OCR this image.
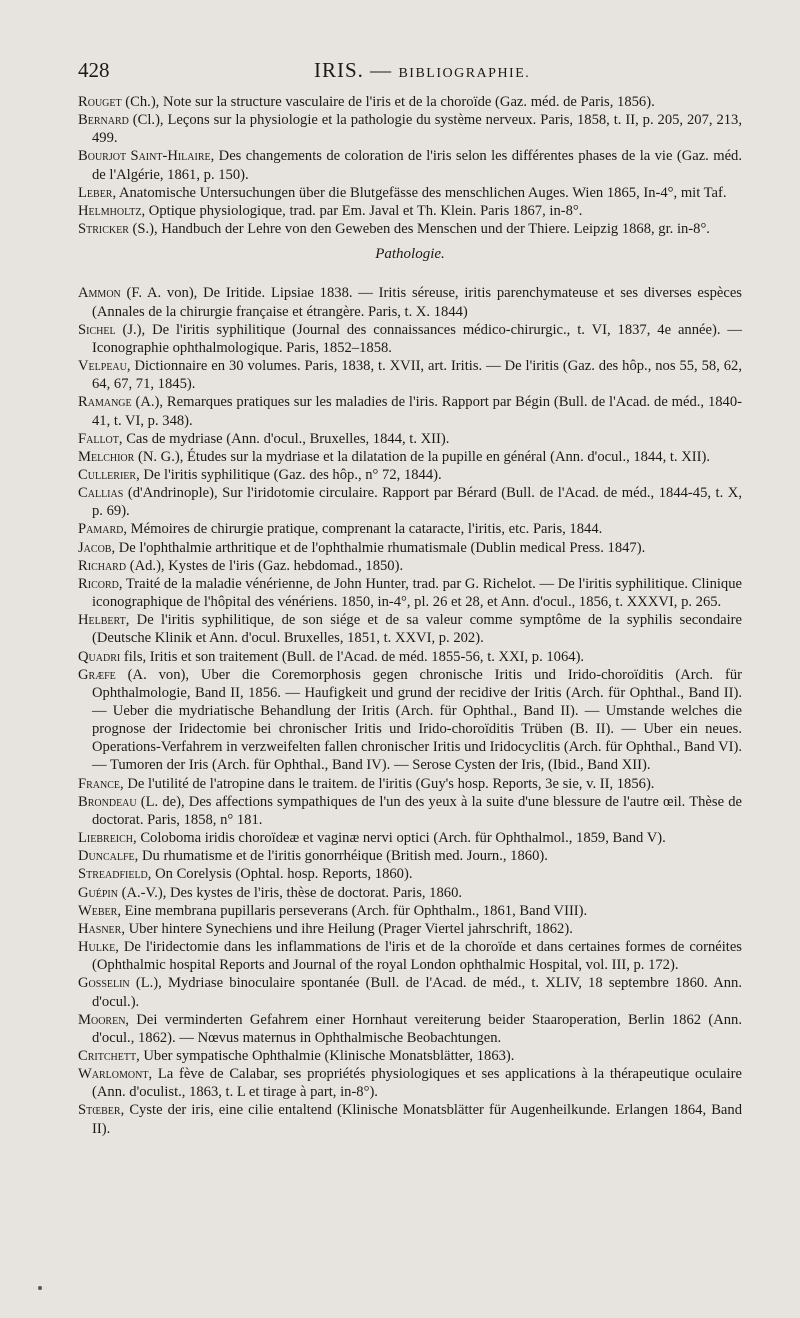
428	IRIS. — BIBLIOGRAPHIE.

Rouget (Ch.), Note sur la structure vasculaire de l'iris et de la choroïde (Gaz. méd. de Paris, 1856).

Bernard (Cl.), Leçons sur la physiologie et la pathologie du système nerveux. Paris, 1858, t. II, p. 205, 207, 213, 499.

Bourjot Saint-Hilaire, Des changements de coloration de l'iris selon les différentes phases de la vie (Gaz. méd. de l'Algérie, 1861, p. 150).

Leber, Anatomische Untersuchungen über die Blutgefässe des menschlichen Auges. Wien 1865, In-4°, mit Taf.

Helmholtz, Optique physiologique, trad. par Em. Javal et Th. Klein. Paris 1867, in-8°.

Stricker (S.), Handbuch der Lehre von den Geweben des Menschen und der Thiere. Leipzig 1868, gr. in-8°.

Pathologie.

Ammon (F. A. von), De Iritide. Lipsiae 1838. — Iritis séreuse, iritis parenchymateuse et ses diverses espèces (Annales de la chirurgie française et étrangère. Paris, t. X. 1844)

Sichel (J.), De l'iritis syphilitique (Journal des connaissances médico-chirurgic., t. VI, 1837, 4e année). — Iconographie ophthalmologique. Paris, 1852–1858.

Velpeau, Dictionnaire en 30 volumes. Paris, 1838, t. XVII, art. Iritis. — De l'iritis (Gaz. des hôp., nos 55, 58, 62, 64, 67, 71, 1845).

Ramange (A.), Remarques pratiques sur les maladies de l'iris. Rapport par Bégin (Bull. de l'Acad. de méd., 1840-41, t. VI, p. 348).

Fallot, Cas de mydriase (Ann. d'ocul., Bruxelles, 1844, t. XII).

Melchior (N. G.), Études sur la mydriase et la dilatation de la pupille en général (Ann. d'ocul., 1844, t. XII).

Cullerier, De l'iritis syphilitique (Gaz. des hôp., n° 72, 1844).

Callias (d'Andrinople), Sur l'iridotomie circulaire. Rapport par Bérard (Bull. de l'Acad. de méd., 1844-45, t. X, p. 69).

Pamard, Mémoires de chirurgie pratique, comprenant la cataracte, l'iritis, etc. Paris, 1844.

Jacob, De l'ophthalmie arthritique et de l'ophthalmie rhumatismale (Dublin medical Press. 1847).

Richard (Ad.), Kystes de l'iris (Gaz. hebdomad., 1850).

Ricord, Traité de la maladie vénérienne, de John Hunter, trad. par G. Richelot. — De l'iritis syphilitique. Clinique iconographique de l'hôpital des vénériens. 1850, in-4°, pl. 26 et 28, et Ann. d'ocul., 1856, t. XXXVI, p. 265.

Helbert, De l'iritis syphilitique, de son siége et de sa valeur comme symptôme de la syphilis secondaire (Deutsche Klinik et Ann. d'ocul. Bruxelles, 1851, t. XXVI, p. 202).

Quadri fils, Iritis et son traitement (Bull. de l'Acad. de méd. 1855-56, t. XXI, p. 1064).

Græfe (A. von), Uber die Coremorphosis gegen chronische Iritis und Irido-choroïditis (Arch. für Ophthalmologie, Band II, 1856. — Haufigkeit und grund der recidive der Iritis (Arch. für Ophthal., Band II). — Ueber die mydriatische Behandlung der Iritis (Arch. für Ophthal., Band II). — Umstande welches die prognose der Iridectomie bei chronischer Iritis und Irido-choroïditis Trüben (B. II). — Uber ein neues. Operations-Verfahrem in verzweifelten fallen chronischer Iritis und Iridocyclitis (Arch. für Ophthal., Band VI). — Tumoren der Iris (Arch. für Ophthal., Band IV). — Serose Cysten der Iris, (Ibid., Band XII).

France, De l'utilité de l'atropine dans le traitem. de l'iritis (Guy's hosp. Reports, 3e sie, v. II, 1856).

Brondeau (L. de), Des affections sympathiques de l'un des yeux à la suite d'une blessure de l'autre œil. Thèse de doctorat. Paris, 1858, n° 181.

Liebreich, Coloboma iridis choroïdeæ et vaginæ nervi optici (Arch. für Ophthalmol., 1859, Band V).

Duncalfe, Du rhumatisme et de l'iritis gonorrhéique (British med. Journ., 1860).

Streadfield, On Corelysis (Ophtal. hosp. Reports, 1860).

Guépin (A.-V.), Des kystes de l'iris, thèse de doctorat. Paris, 1860.

Weber, Eine membrana pupillaris perseverans (Arch. für Ophthalm., 1861, Band VIII).

Hasner, Uber hintere Synechiens und ihre Heilung (Prager Viertel jahrschrift, 1862).

Hulke, De l'iridectomie dans les inflammations de l'iris et de la choroïde et dans certaines formes de cornéites (Ophthalmic hospital Reports and Journal of the royal London ophthalmic Hospital, vol. III, p. 172).

Gosselin (L.), Mydriase binoculaire spontanée (Bull. de l'Acad. de méd., t. XLIV, 18 septembre 1860. Ann. d'ocul.).

Mooren, Dei verminderten Gefahrem einer Hornhaut vereiterung beider Staaroperation, Berlin 1862 (Ann. d'ocul., 1862). — Nœvus maternus in Ophthalmische Beobachtungen.

Critchett, Uber sympatische Ophthalmie (Klinische Monatsblätter, 1863).

Warlomont, La fève de Calabar, ses propriétés physiologiques et ses applications à la thérapeutique oculaire (Ann. d'oculist., 1863, t. L et tirage à part, in-8°).

Stœber, Cyste der iris, eine cilie entaltend (Klinische Monatsblätter für Augenheilkunde. Erlangen 1864, Band II).
